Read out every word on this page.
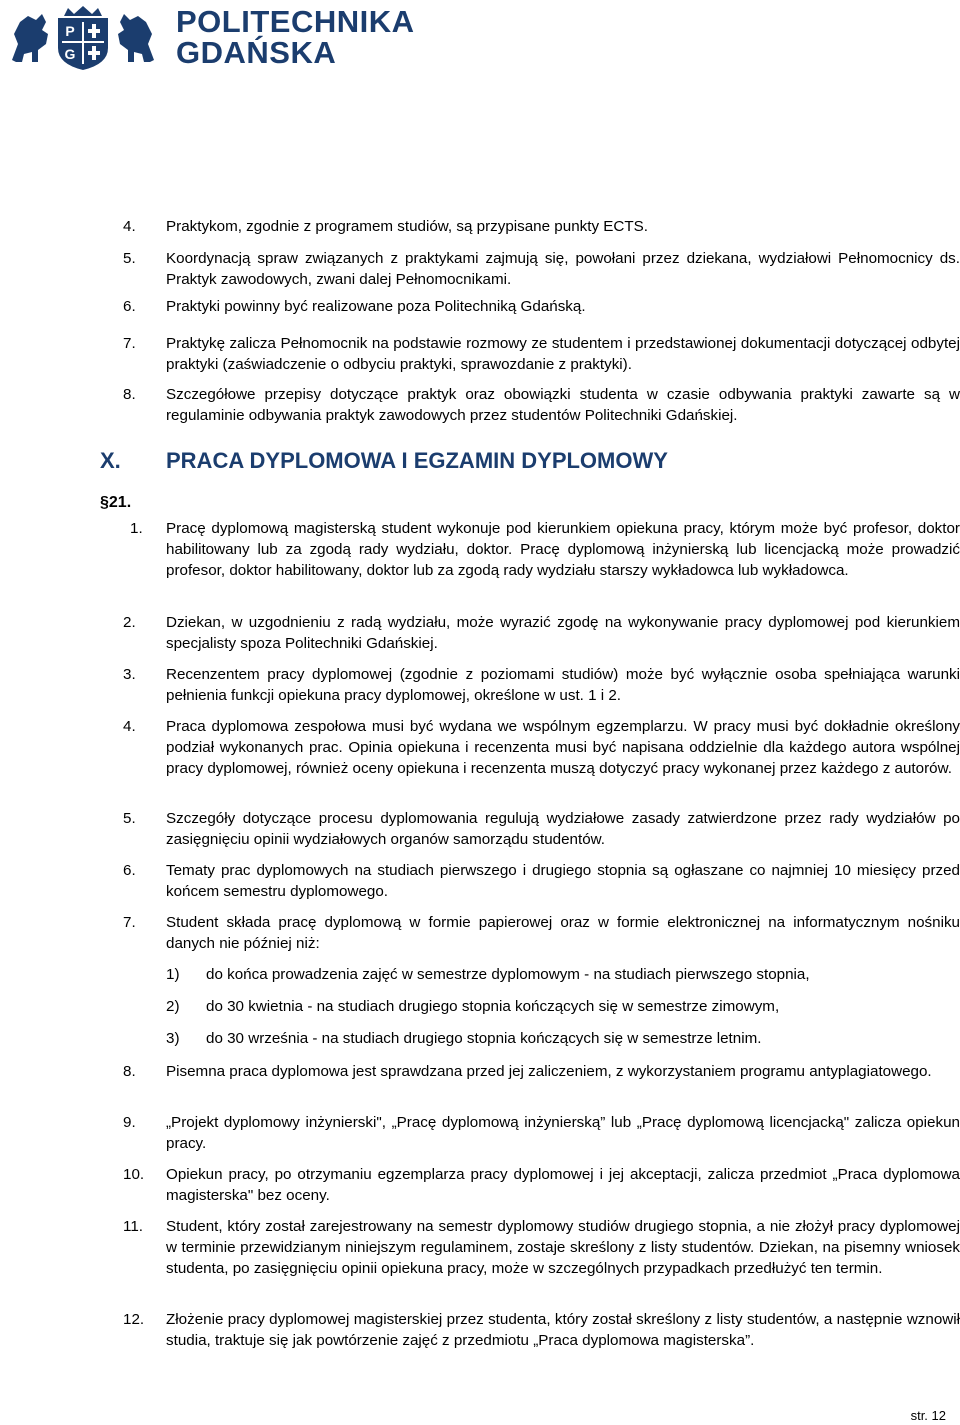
P
G
POLITECHNIKA
GDAŃSKA
4. Praktykom, zgodnie z programem studiów, są przypisane punkty ECTS.
5. Koordynacją spraw związanych z praktykami zajmują się, powołani przez dziekana, wydziałowi Pełnomocnicy ds. Praktyk zawodowych, zwani dalej Pełnomocnikami.
6. Praktyki powinny być realizowane poza Politechniką Gdańską.
7. Praktykę zalicza Pełnomocnik na podstawie rozmowy ze studentem i przedstawionej dokumentacji dotyczącej odbytej praktyki (zaświadczenie o odbyciu praktyki, sprawozdanie z praktyki).
8. Szczegółowe przepisy dotyczące praktyk oraz obowiązki studenta w czasie odbywania praktyki zawarte są w regulaminie odbywania praktyk zawodowych przez studentów Politechniki Gdańskiej.
X. PRACA DYPLOMOWA I EGZAMIN DYPLOMOWY
§21.
1. Pracę dyplomową magisterską student wykonuje pod kierunkiem opiekuna pracy, którym może być profesor, doktor habilitowany lub za zgodą rady wydziału, doktor. Pracę dyplomową inżynierską lub licencjacką może prowadzić profesor, doktor habilitowany, doktor lub za zgodą rady wydziału starszy wykładowca lub wykładowca.
2. Dziekan, w uzgodnieniu z radą wydziału, może wyrazić zgodę na wykonywanie pracy dyplomowej pod kierunkiem specjalisty spoza Politechniki Gdańskiej.
3. Recenzentem pracy dyplomowej (zgodnie z poziomami studiów) może być wyłącznie osoba spełniająca warunki pełnienia funkcji opiekuna pracy dyplomowej, określone w ust. 1 i 2.
4. Praca dyplomowa zespołowa musi być wydana we wspólnym egzemplarzu. W pracy musi być dokładnie określony podział wykonanych prac. Opinia opiekuna i recenzenta musi być napisana oddzielnie dla każdego autora wspólnej pracy dyplomowej, również oceny opiekuna i recenzenta muszą dotyczyć pracy wykonanej przez każdego z autorów.
5. Szczegóły dotyczące procesu dyplomowania regulują wydziałowe zasady zatwierdzone przez rady wydziałów po zasięgnięciu opinii wydziałowych organów samorządu studentów.
6. Tematy prac dyplomowych na studiach pierwszego i drugiego stopnia są ogłaszane co najmniej 10 miesięcy przed końcem semestru dyplomowego.
7. Student składa pracę dyplomową w formie papierowej oraz w formie elektronicznej na informatycznym nośniku danych nie później niż:
1) do końca prowadzenia zajęć w semestrze dyplomowym - na studiach pierwszego stopnia,
2) do 30 kwietnia - na studiach drugiego stopnia kończących się w semestrze zimowym,
3) do 30 września - na studiach drugiego stopnia kończących się w semestrze letnim.
8. Pisemna praca dyplomowa jest sprawdzana przed jej zaliczeniem, z wykorzystaniem programu antyplagiatowego.
9. „Projekt dyplomowy inżynierski", „Pracę dyplomową inżynierską” lub „Pracę dyplomową licencjacką" zalicza opiekun pracy.
10. Opiekun pracy, po otrzymaniu egzemplarza pracy dyplomowej i jej akceptacji, zalicza przedmiot „Praca dyplomowa magisterska" bez oceny.
11. Student, który został zarejestrowany na semestr dyplomowy studiów drugiego stopnia, a nie złożył pracy dyplomowej w terminie przewidzianym niniejszym regulaminem, zostaje skreślony z listy studentów. Dziekan, na pisemny wniosek studenta, po zasięgnięciu opinii opiekuna pracy, może w szczególnych przypadkach przedłużyć ten termin.
12. Złożenie pracy dyplomowej magisterskiej przez studenta, który został skreślony z listy studentów, a następnie wznowił studia, traktuje się jak powtórzenie zajęć z przedmiotu „Praca dyplomowa magisterska”.
str. 12
